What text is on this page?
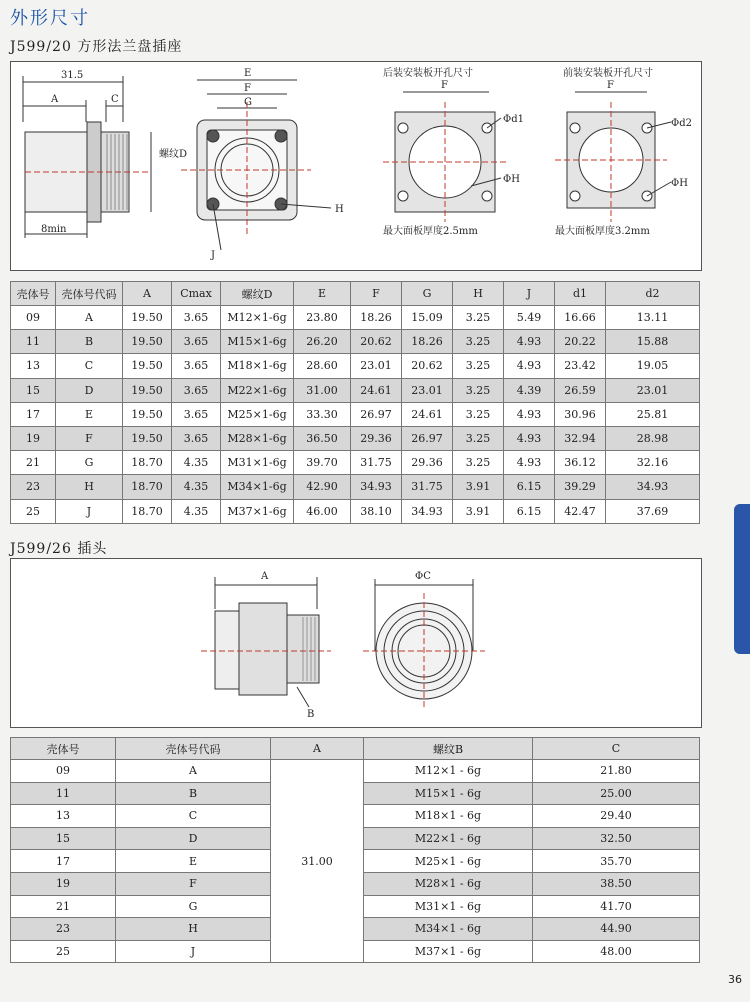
外形尺寸
J599/20 方形法兰盘插座
31.5
A	C
螺纹D
8min
E
F
G
H
J
后装安装板开孔尺寸
F
Φd1
ΦH
最大面板厚度2.5mm
前装安装板开孔尺寸
F
Φd2
ΦH
最大面板厚度3.2mm
壳体号	壳体号代码	A	Cmax	螺纹D	E	F	G	H	J	d1	d2
09	A	19.50	3.65	M12×1-6g	23.80	18.26	15.09	3.25	5.49	16.66	13.11
11	B	19.50	3.65	M15×1-6g	26.20	20.62	18.26	3.25	4.93	20.22	15.88
13	C	19.50	3.65	M18×1-6g	28.60	23.01	20.62	3.25	4.93	23.42	19.05
15	D	19.50	3.65	M22×1-6g	31.00	24.61	23.01	3.25	4.39	26.59	23.01
17	E	19.50	3.65	M25×1-6g	33.30	26.97	24.61	3.25	4.93	30.96	25.81
19	F	19.50	3.65	M28×1-6g	36.50	29.36	26.97	3.25	4.93	32.94	28.98
21	G	18.70	4.35	M31×1-6g	39.70	31.75	29.36	3.25	4.93	36.12	32.16
23	H	18.70	4.35	M34×1-6g	42.90	34.93	31.75	3.91	6.15	39.29	34.93
25	J	18.70	4.35	M37×1-6g	46.00	38.10	34.93	3.91	6.15	42.47	37.69
J599/26 插头
A
B
ΦC
壳体号	壳体号代码	A	螺纹B	C
09	A	31.00	M12×1 - 6g	21.80
11	B		M15×1 - 6g	25.00
13	C		M18×1 - 6g	29.40
15	D		M22×1 - 6g	32.50
17	E		M25×1 - 6g	35.70
19	F		M28×1 - 6g	38.50
21	G		M31×1 - 6g	41.70
23	H		M34×1 - 6g	44.90
25	J		M37×1 - 6g	48.00
36
